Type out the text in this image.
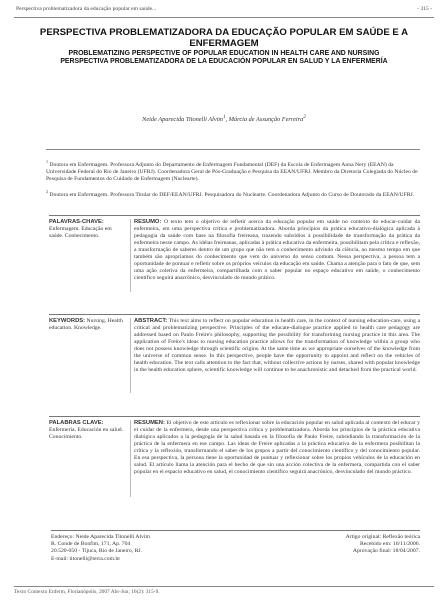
Perspectiva problematizadora da educação popular em saúde...	- 315 -
PERSPECTIVA PROBLEMATIZADORA DA EDUCAÇÃO POPULAR EM SAÚDE E A ENFERMAGEM
PROBLEMATIZING PERSPECTIVE OF POPULAR EDUCATION IN HEALTH CARE AND NURSING
PERSPECTIVA PROBLEMATIZADORA DE LA EDUCACIÓN POPULAR EN SALUD Y LA ENFERMERÍA
Neide Aparecida Titonelli Alvim$^1$, Márcia de Assunção Ferreira$^2$

$^1$ Doutora em Enfermagem. Professora Adjunto do Departamento de Enfermagem Fundamental (DEF) da Escola de Enfermagem Anna Nery (EEAN) da Universidade Federal do Rio de Janeiro (UFRJ). Coordenadora Geral de Pós-Graduação e Pesquisa da EEAN/UFRJ. Membro da Diretoria Colegiada do Núcleo de Pesquisa de Fundamentos do Cuidado de Enfermagem (Nuclearte).

$^2$ Doutora em Enfermagem. Professora Titular do DEF/EEAN/UFRJ. Pesquisadora do Nuclearte. Coordenadora Adjunto do Curso de Doutorado da EEAN/UFRJ.

PALAVRAS-CHAVE: Enfermagem. Educação em saúde. Conhecimento.
RESUMO: O texto tem o objetivo de refletir acerca da educação popular em saúde no contexto do educar-cuidar da enfermeira, em uma perspectiva crítica e problematizadora. Aborda princípios da prática educativo-dialógica aplicada à pedagogia da saúde com base na filosofia freireana, trazendo subsídios à possibilidade de transformação da prática da enfermeira nesse campo. As idéias freireanas, aplicadas à prática educativa da enfermeira, possibilitam pela crítica e reflexão, a transformação de saberes dentro de um grupo que não tem o conhecimento advindo da ciência, ao mesmo tempo em que também são apropriamos do conhecimento que vem do universo do senso comum. Nessa perspectiva, a pessoa tem a oportunidade de pontuar e refletir sobre os próprios veículos da educação em saúde. Chama a atenção para o fato de que, sem uma ação coletiva da enfermeira, compartilhada com o saber popular no espaço educativo em saúde, o conhecimento científico seguirá anacrônico, desvinculado do mundo prático.
KEYWORDS: Nursing. Health education. Knowledge.
ABSTRACT: This text aims to reflect on popular education in health care, in the context of nursing education-care, using a critical and problematizing perspective. Principles of the educate-dialogue practice applied to health care pedagogy are addressed based on Paulo Freire's philosophy, supporting the possibility for transforming nursing practice in this area. The application of Freire's ideas to nursing education practice allows for the transformation of knowledge within a group who does not possess knowledge through scientific origins. At the same time as we appropriate ourselves of the knowledge from the universe of common sense. In this perspective, people have the opportunity to appoint and reflect on the vehicles of health education. The text calls attention to the fact that, without collective actions by nurses, shared with popular knowledge in the health education sphere, scientific knowledge will continue to be anachronistic and detached from the practical world.
PALABRAS CLAVE: Enfermería. Educación en salud. Conocimiento.
RESUMEN: El objetivo de este artículo es reflexionar sobre la educación popular en salud aplicada al contexto del educar y el cuidar de la enfermera, desde una perspectiva crítica y problematizadora. Aborda los principios de la práctica educativa dialógica aplicados a la pedagogía de la salud basada en la filosofía de Paulo Freire, subsidiando la transformación de la práctica de la enfermera en ese campo. Las ideas de Freire aplicadas a la práctica educativa de la enfermera posibilitan la crítica y la reflexión, transformando el saber de los grupos a partir del conocimiento científico y del conocimiento popular. En esa perspectiva, la persona tiene la oportunidad de puntuar y reflexionar sobre los propios vehículos de la educación en salud. El artículo llama la atención para el hecho de que sin una acción colectiva de la enfermera, compartida con el saber popular en el espacio educativo en salud, el conocimiento científico seguirá anacrónico, desvinculado del mundo práctico.
Endereço: Neide Aparecida Titonelli Alvim
R. Conde de Bonfim, 171, Ap. 704
20.520-050 - Tijuca, Rio de Janeiro, RJ.
E-mail: titonelli@terra.com.br
Artigo original: Reflexão teórica
Recebido em: 16/11/2006.
Aprovação final: 18/04/2007.
Texto Contexto Enferm, Florianópolis, 2007 Abr-Jun; 16(2): 315-9.
